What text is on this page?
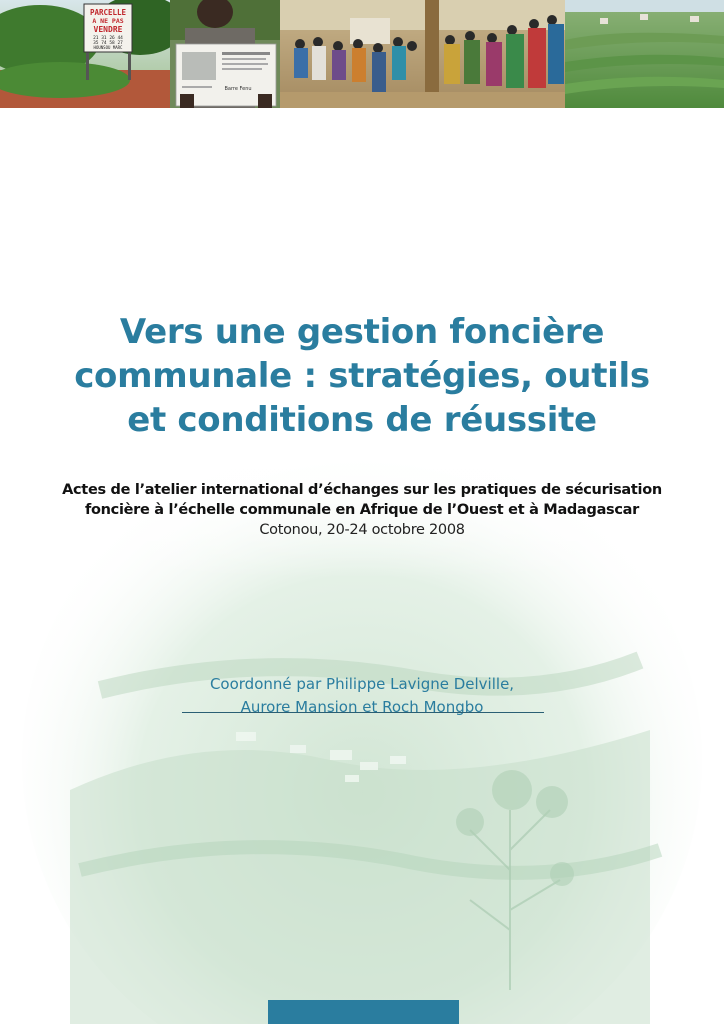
PARCELLE
A NE PAS
VENDRE
21 31 26 44
35 74 58 27
HOUNSOU MARC
Barre Fenu
Vers une gestion foncière
communale : stratégies, outils
et conditions de réussite

Actes de l’atelier international d’échanges sur les pratiques de sécurisation
foncière à l’échelle communale en Afrique de l’Ouest et à Madagascar
Cotonou, 20-24 octobre 2008

Coordonné par Philippe Lavigne Delville,
Aurore Mansion et Roch Mongbo
